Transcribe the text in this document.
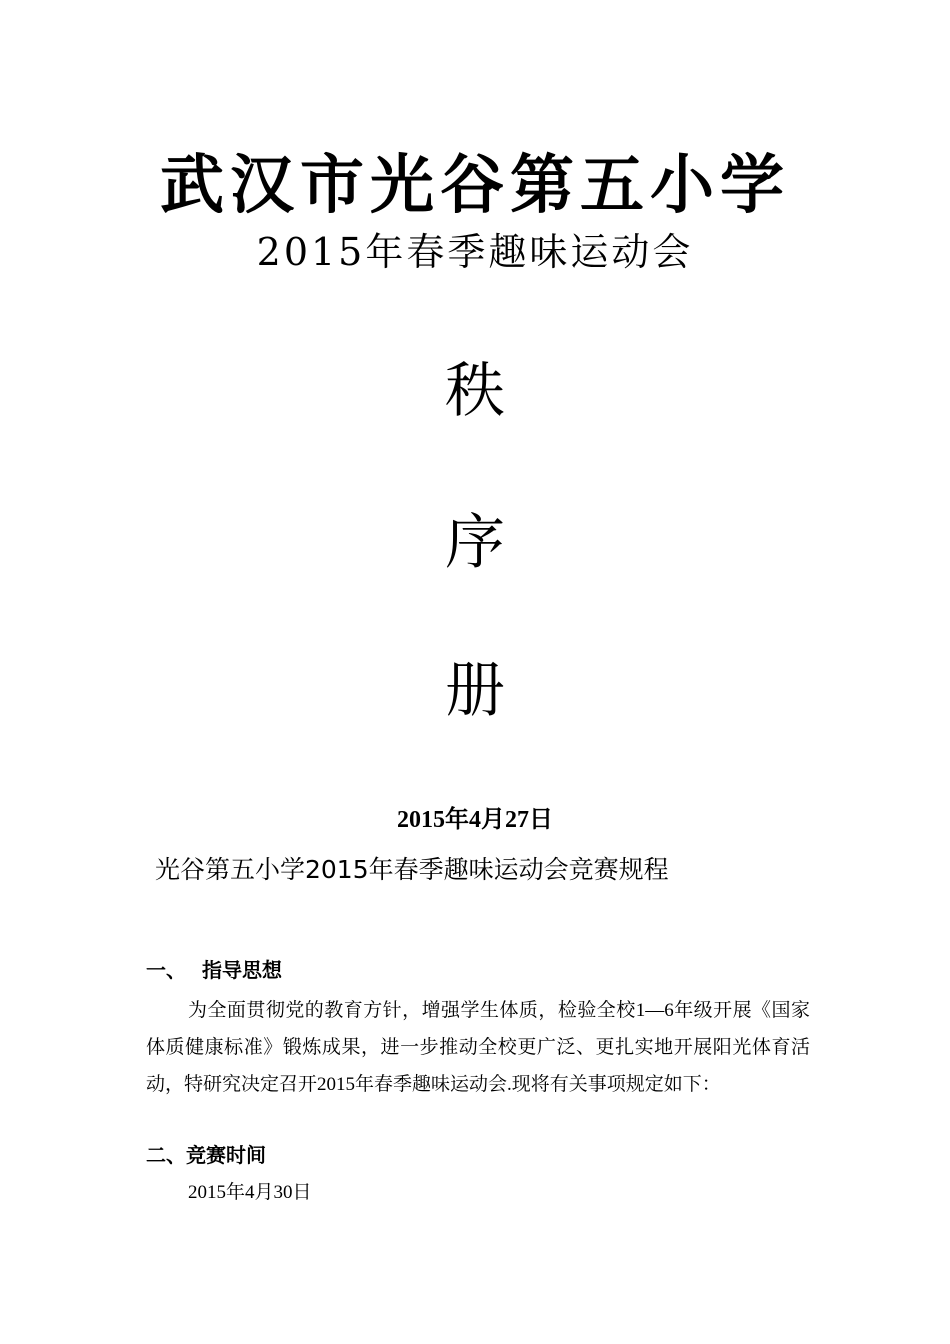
武汉市光谷第五小学
2015年春季趣味运动会
秩
序
册
2015年4月27日
光谷第五小学2015年春季趣味运动会竞赛规程
一、 指导思想

为全面贯彻党的教育方针，增强学生体质，检验全校1—6年级开展《国家体质健康标准》锻炼成果，进一步推动全校更广泛、更扎实地开展阳光体育活动，特研究决定召开2015年春季趣味运动会.现将有关事项规定如下：

二、竞赛时间
2015年4月30日
